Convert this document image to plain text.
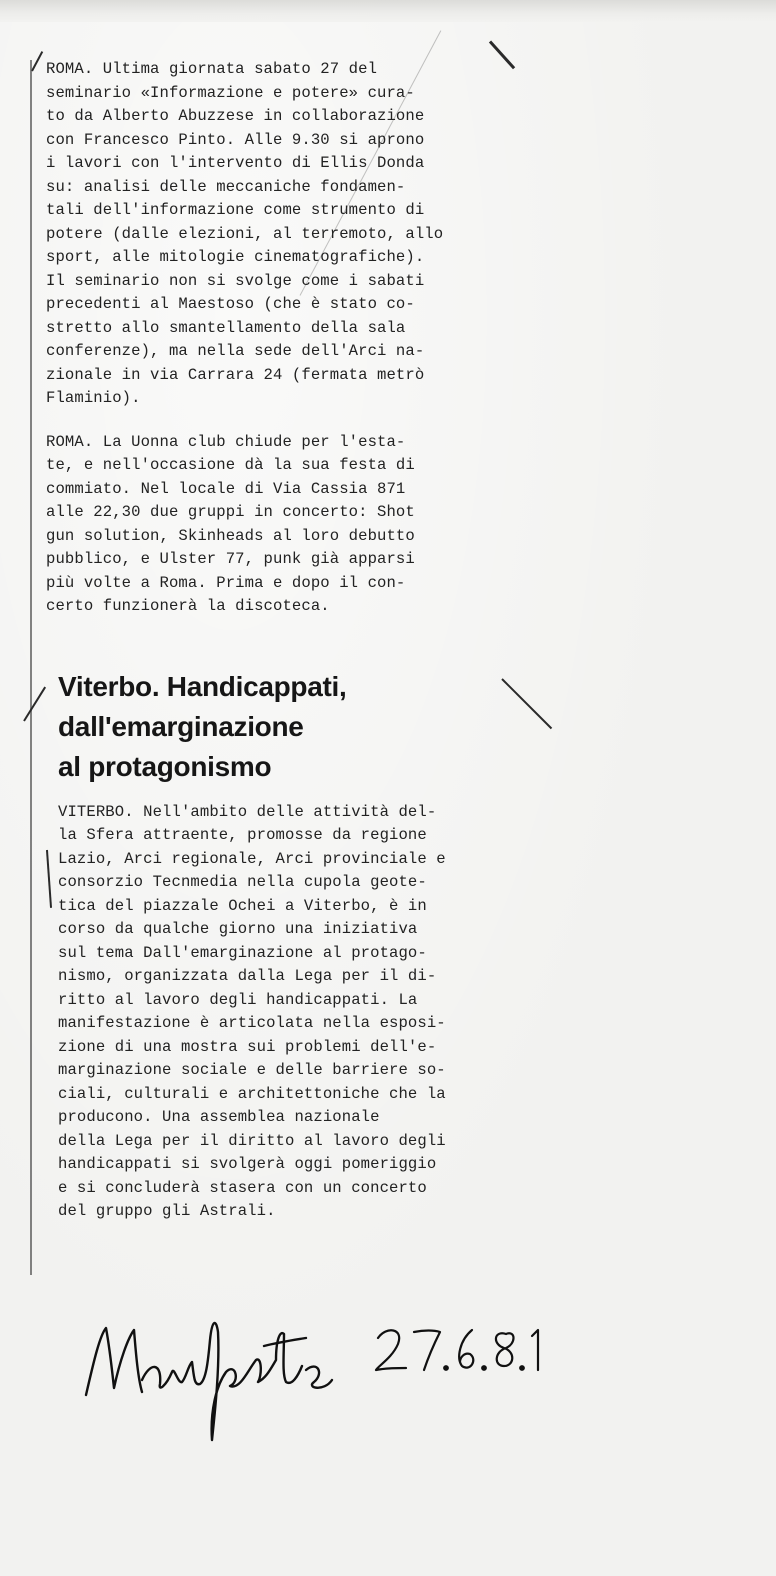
ROMA. Ultima giornata sabato 27 del
seminario «Informazione e potere» cura-
to da Alberto Abuzzese in collaborazione
con Francesco Pinto. Alle 9.30 si aprono
i lavori con l'intervento di Ellis Donda
su: analisi delle meccaniche fondamen-
tali dell'informazione come strumento di
potere (dalle elezioni, al terremoto, allo
sport, alle mitologie cinematografiche).
Il seminario non si svolge come i sabati
precedenti al Maestoso (che è stato co-
stretto allo smantellamento della sala
conferenze), ma nella sede dell'Arci na-
zionale in via Carrara 24 (fermata metrò
Flaminio).
ROMA. La Uonna club chiude per l'esta-
te, e nell'occasione dà la sua festa di
commiato. Nel locale di Via Cassia 871
alle 22,30 due gruppi in concerto: Shot
gun solution, Skinheads al loro debutto
pubblico, e Ulster 77, punk già apparsi
più volte a Roma. Prima e dopo il con-
certo funzionerà la discoteca.
Viterbo. Handicappati,
dall'emarginazione
al protagonismo
VITERBO. Nell'ambito delle attività del-
la Sfera attraente, promosse da regione
Lazio, Arci regionale, Arci provinciale e
consorzio Tecnmedia nella cupola geote-
tica del piazzale Ochei a Viterbo, è in
corso da qualche giorno una iniziativa
sul tema Dall'emarginazione al protago-
nismo, organizzata dalla Lega per il di-
ritto al lavoro degli handicappati. La
manifestazione è articolata nella esposi-
zione di una mostra sui problemi dell'e-
marginazione sociale e delle barriere so-
ciali, culturali e architettoniche che la
producono. Una assemblea nazionale
della Lega per il diritto al lavoro degli
handicappati si svolgerà oggi pomeriggio
e si concluderà stasera con un concerto
del gruppo gli Astrali.
